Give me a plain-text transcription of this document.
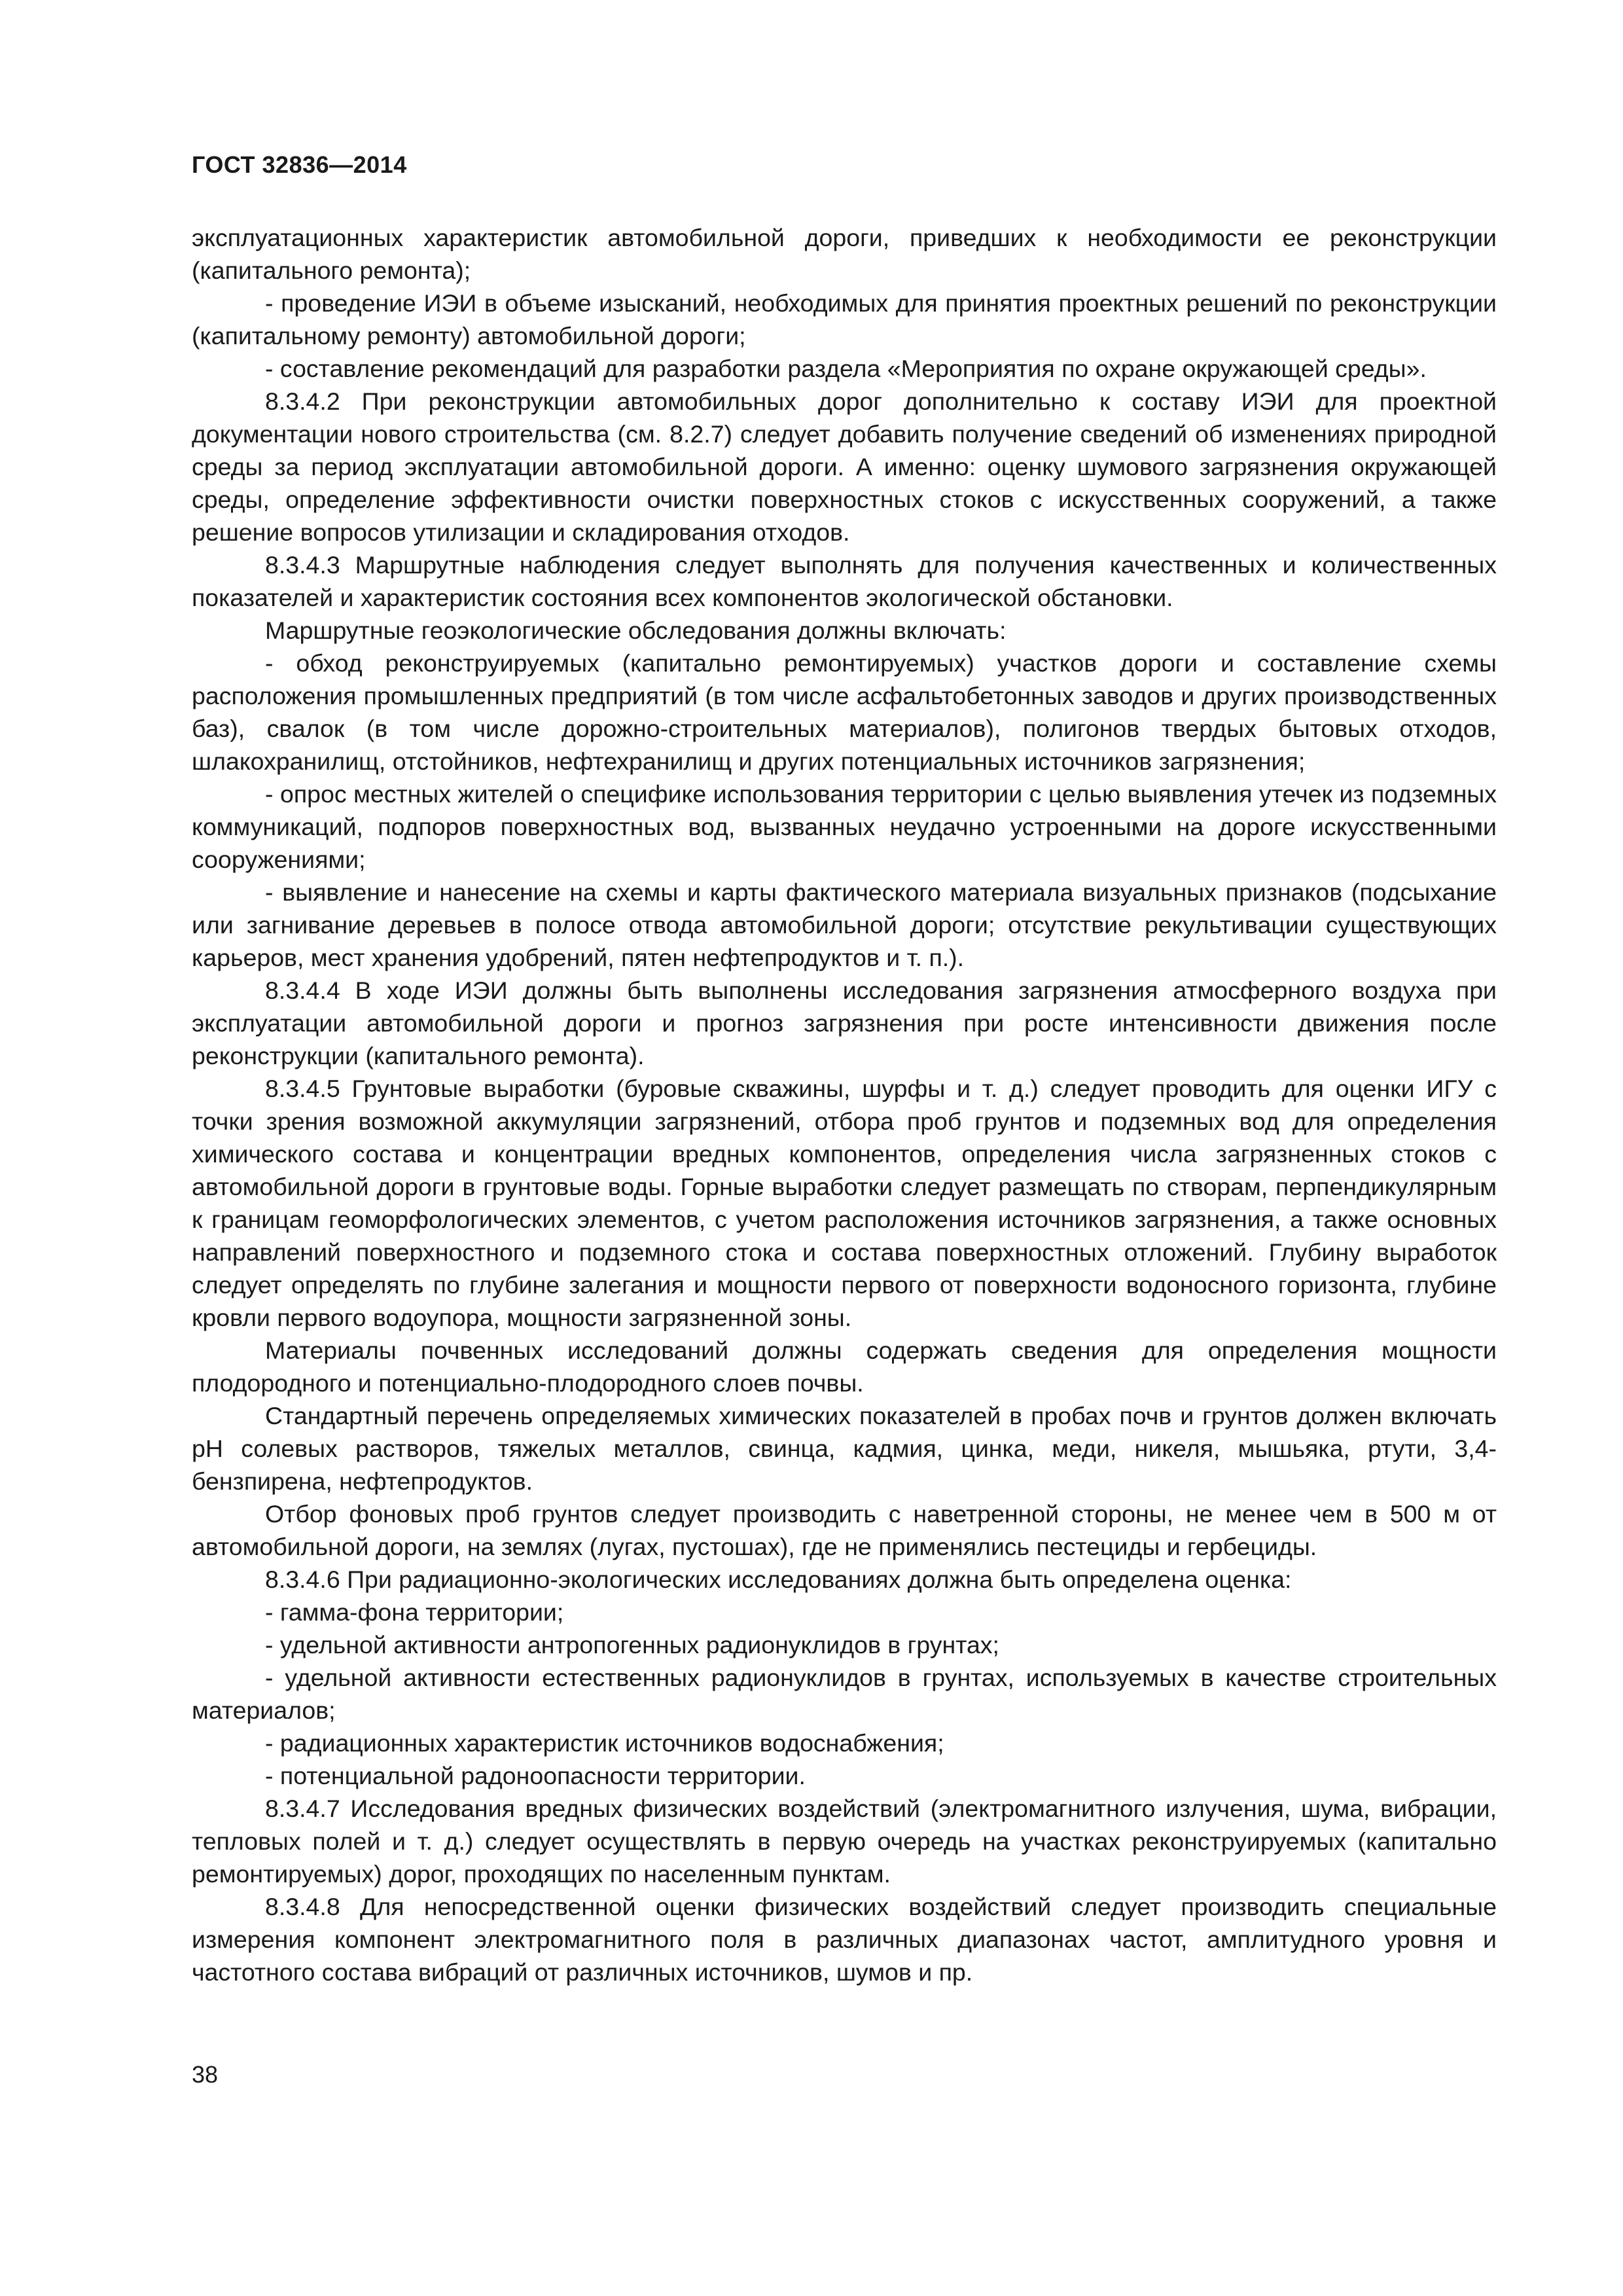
ГОСТ 32836—2014

эксплуатационных характеристик автомобильной дороги, приведших к необходимости ее реконструкции (капитального ремонта);

- проведение ИЭИ в объеме изысканий, необходимых для принятия проектных решений по реконструкции (капитальному ремонту) автомобильной дороги;

- составление рекомендаций для разработки раздела «Мероприятия по охране окружающей среды».

8.3.4.2 При реконструкции автомобильных дорог дополнительно к составу ИЭИ для проектной документации нового строительства (см. 8.2.7) следует добавить получение сведений об изменениях природной среды за период эксплуатации автомобильной дороги. А именно: оценку шумового загрязнения окружающей среды, определение эффективности очистки поверхностных стоков с искусственных сооружений, а также решение вопросов утилизации и складирования отходов.

8.3.4.3 Маршрутные наблюдения следует выполнять для получения качественных и количественных показателей и характеристик состояния всех компонентов экологической обстановки.

Маршрутные геоэкологические обследования должны включать:

- обход реконструируемых (капитально ремонтируемых) участков дороги и составление схемы расположения промышленных предприятий (в том числе асфальтобетонных заводов и других производственных баз), свалок (в том числе дорожно-строительных материалов), полигонов твердых бытовых отходов, шлакохранилищ, отстойников, нефтехранилищ и других потенциальных источников загрязнения;

- опрос местных жителей о специфике использования территории с целью выявления утечек из подземных коммуникаций, подпоров поверхностных вод, вызванных неудачно устроенными на дороге искусственными сооружениями;

- выявление и нанесение на схемы и карты фактического материала визуальных признаков (подсыхание или загнивание деревьев в полосе отвода автомобильной дороги; отсутствие рекультивации существующих карьеров, мест хранения удобрений, пятен нефтепродуктов и т. п.).

8.3.4.4 В ходе ИЭИ должны быть выполнены исследования загрязнения атмосферного воздуха при эксплуатации автомобильной дороги и прогноз загрязнения при росте интенсивности движения после реконструкции (капитального ремонта).

8.3.4.5 Грунтовые выработки (буровые скважины, шурфы и т. д.) следует проводить для оценки ИГУ с точки зрения возможной аккумуляции загрязнений, отбора проб грунтов и подземных вод для определения химического состава и концентрации вредных компонентов, определения числа загрязненных стоков с автомобильной дороги в грунтовые воды. Горные выработки следует размещать по створам, перпендикулярным к границам геоморфологических элементов, с учетом расположения источников загрязнения, а также основных направлений поверхностного и подземного стока и состава поверхностных отложений. Глубину выработок следует определять по глубине залегания и мощности первого от поверхности водоносного горизонта, глубине кровли первого водоупора, мощности загрязненной зоны.

Материалы почвенных исследований должны содержать сведения для определения мощности плодородного и потенциально-плодородного слоев почвы.

Стандартный перечень определяемых химических показателей в пробах почв и грунтов должен включать pH солевых растворов, тяжелых металлов, свинца, кадмия, цинка, меди, никеля, мышьяка, ртути, 3,4-бензпирена, нефтепродуктов.

Отбор фоновых проб грунтов следует производить с наветренной стороны, не менее чем в 500 м от автомобильной дороги, на землях (лугах, пустошах), где не применялись пестециды и гербециды.

8.3.4.6 При радиационно-экологических исследованиях должна быть определена оценка:

- гамма-фона территории;

- удельной активности антропогенных радионуклидов в грунтах;

- удельной активности естественных радионуклидов в грунтах, используемых в качестве строительных материалов;

- радиационных характеристик источников водоснабжения;

- потенциальной радоноопасности территории.

8.3.4.7 Исследования вредных физических воздействий (электромагнитного излучения, шума, вибрации, тепловых полей и т. д.) следует осуществлять в первую очередь на участках реконструируемых (капитально ремонтируемых) дорог, проходящих по населенным пунктам.

8.3.4.8 Для непосредственной оценки физических воздействий следует производить специальные измерения компонент электромагнитного поля в различных диапазонах частот, амплитудного уровня и частотного состава вибраций от различных источников, шумов и пр.

38
